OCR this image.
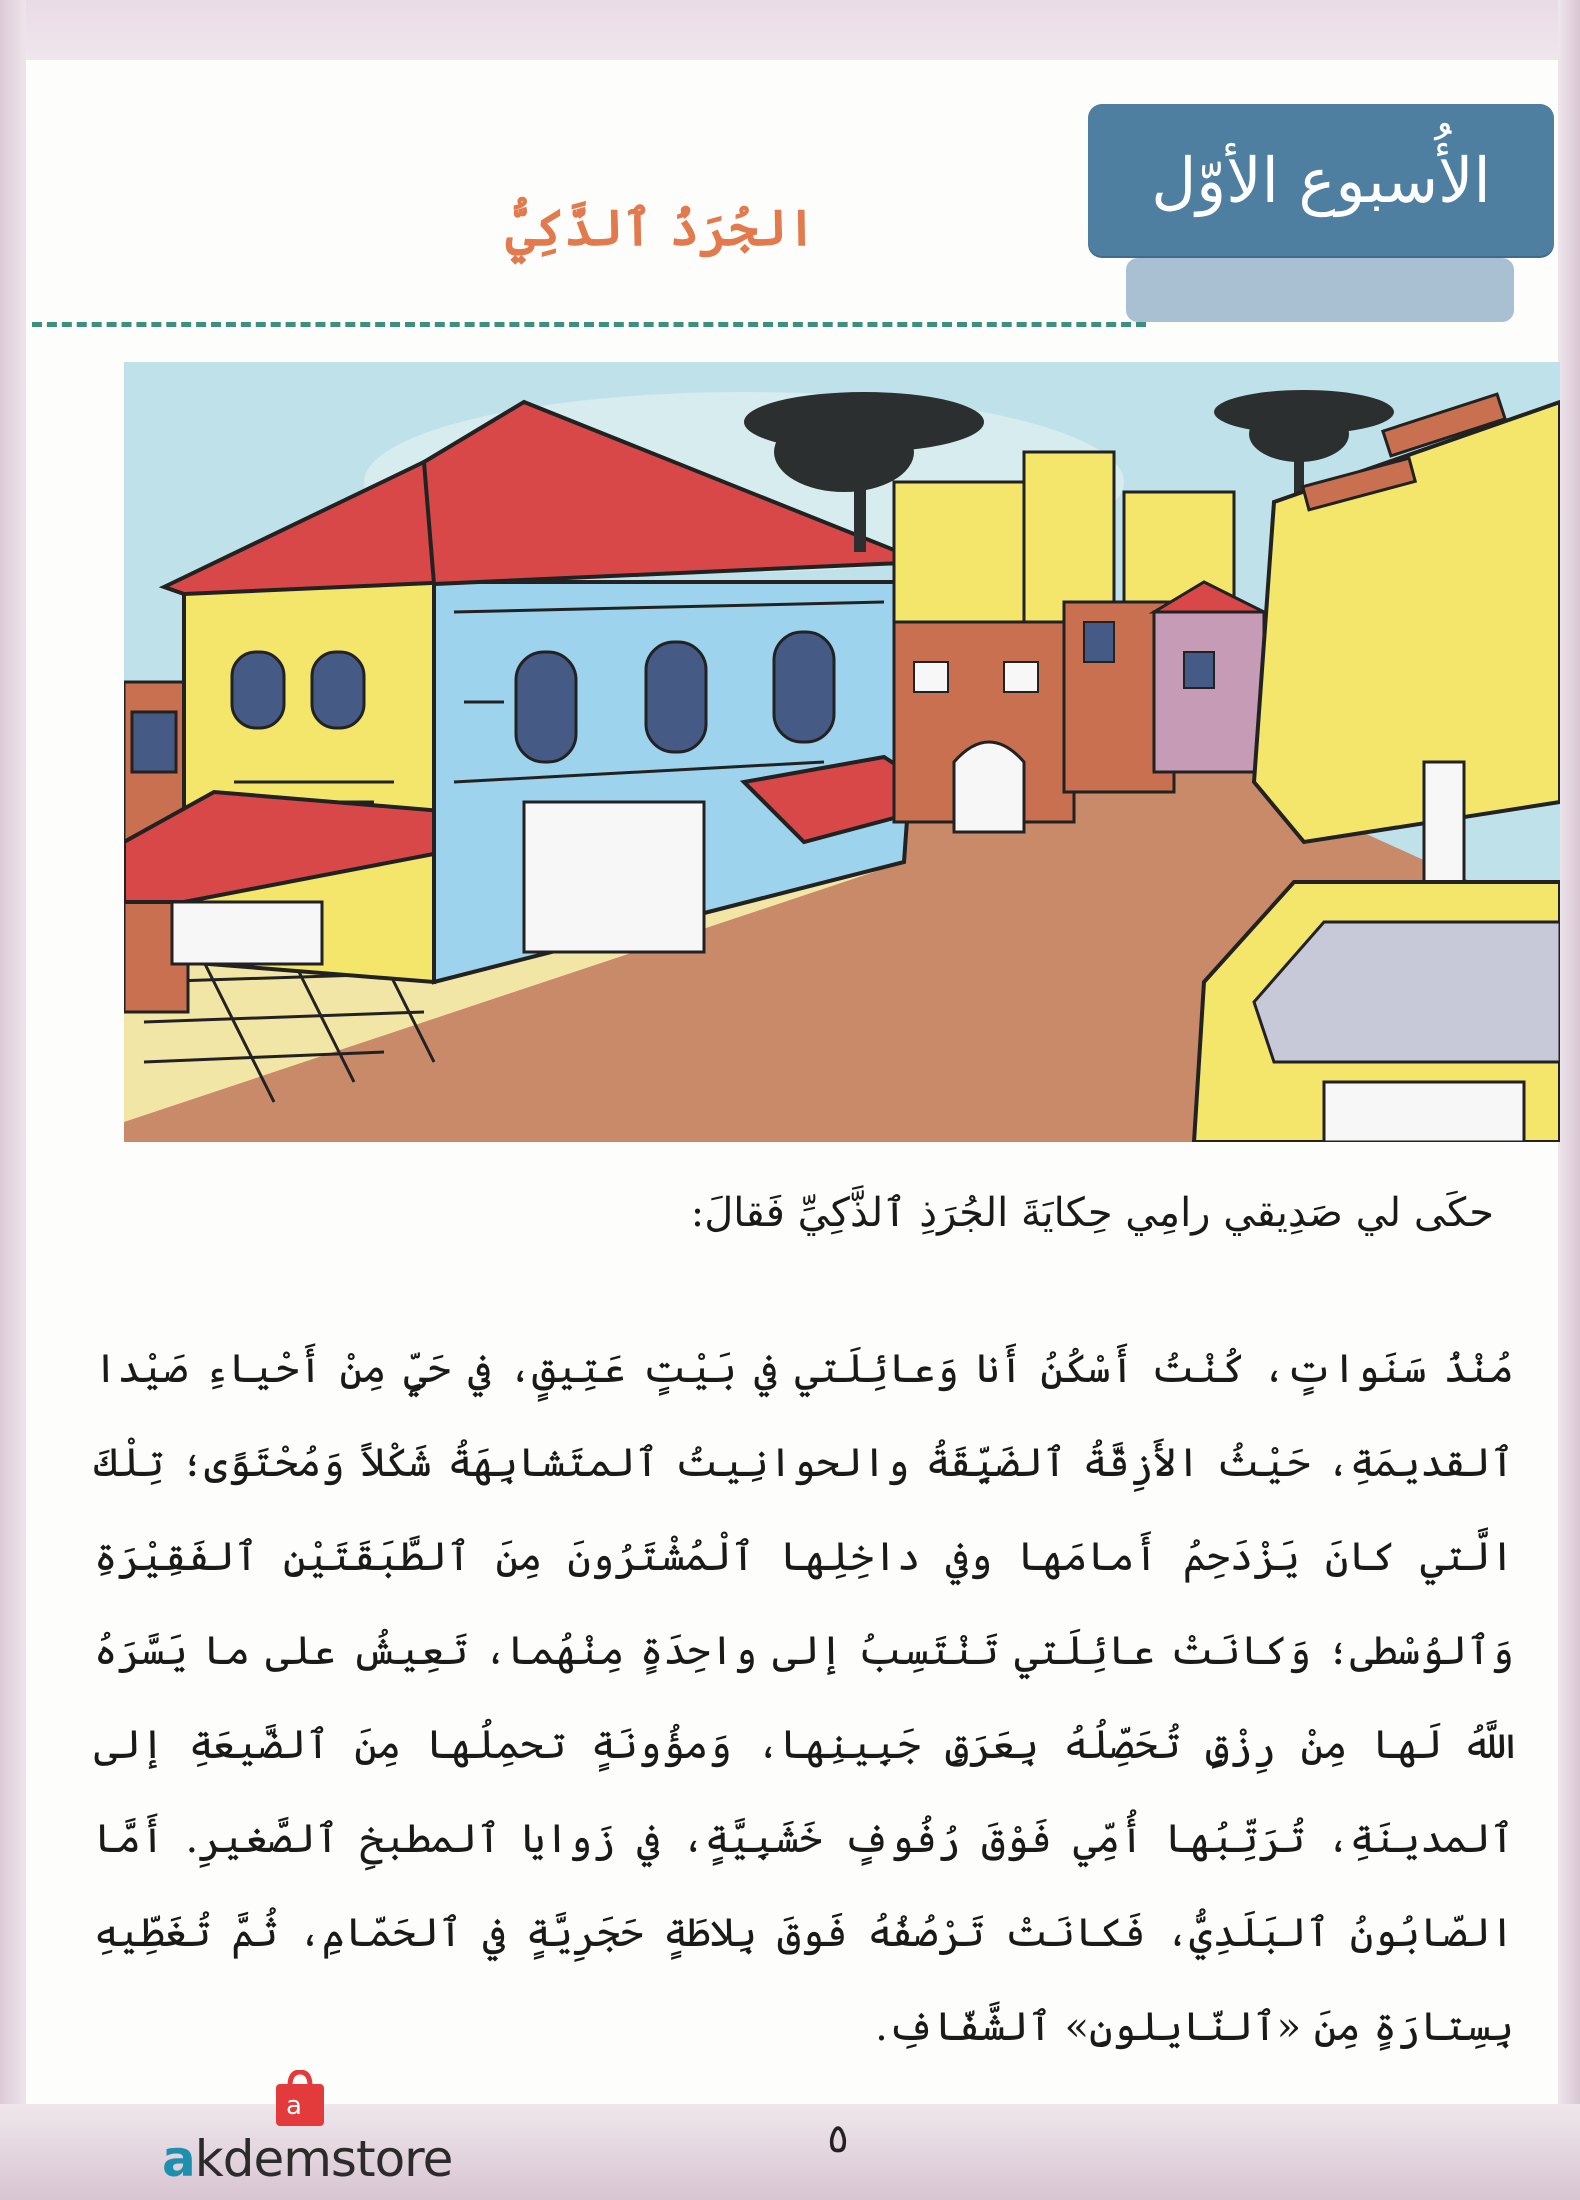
الأُسبوع الأوّل
الجُرَذُ ٱلذَّكِيُّ
حكَى لي صَدِيقي رامِي حِكايَةَ الجُرَذِ ٱلذَّكِيِّ فَقالَ:
مُنْذُ سَنَواتٍ، كُنْتُ أَسْكُنُ أَنا وَعائِلَتي في بَيْتٍ عَتِيقٍ، في حَيٍّ مِنْ أَحْياءِ صَيْدا ٱلقديمَةِ، حَيْثُ الأَزِقَّةُ ٱلضَيِّقَةُ والحوانِيتُ ٱلمتَشابِهَةُ شَكْلاً وَمُحْتَوًى؛ تِلْكَ الَّتي كانَ يَزْدَحِمُ أَمامَها وفي داخِلِها ٱلْمُشْتَرُونَ مِنَ ٱلطَّبَقَتَيْنِ ٱلفَقِيْرَةِ وَٱلوُسْطى؛ وَكانَتْ عائِلَتي تَنْتَسِبُ إلى واحِدَةٍ مِنْهُما، تَعِيشُ على ما يَسَّرَهُ اللَّهُ لَها مِنْ رِزْقٍ تُحَصِّلُهُ بِعَرَقِ جَبِينِها، وَمؤُونَةٍ تحمِلُها مِنَ ٱلضَّيعَةِ إلى ٱلمدينَةِ، تُرَتِّبُها أُمِّي فَوْقَ رُفُوفٍ خَشَبِيَّةٍ، في زَوايا ٱلمطبخِ ٱلصَّغيرِ. أَمَّا الصّابُونُ ٱلبَلَدِيُّ، فَكانَتْ تَرْصُفُهُ فَوقَ بِلاطَةٍ حَجَرِيَّةٍ في ٱلحَمّامِ، ثُمَّ تُغَطِّيهِ بِسِتارَةٍ مِنَ «ٱلنّايلونِ» ٱلشَّفّافِ.
a
akdemstore	٥
